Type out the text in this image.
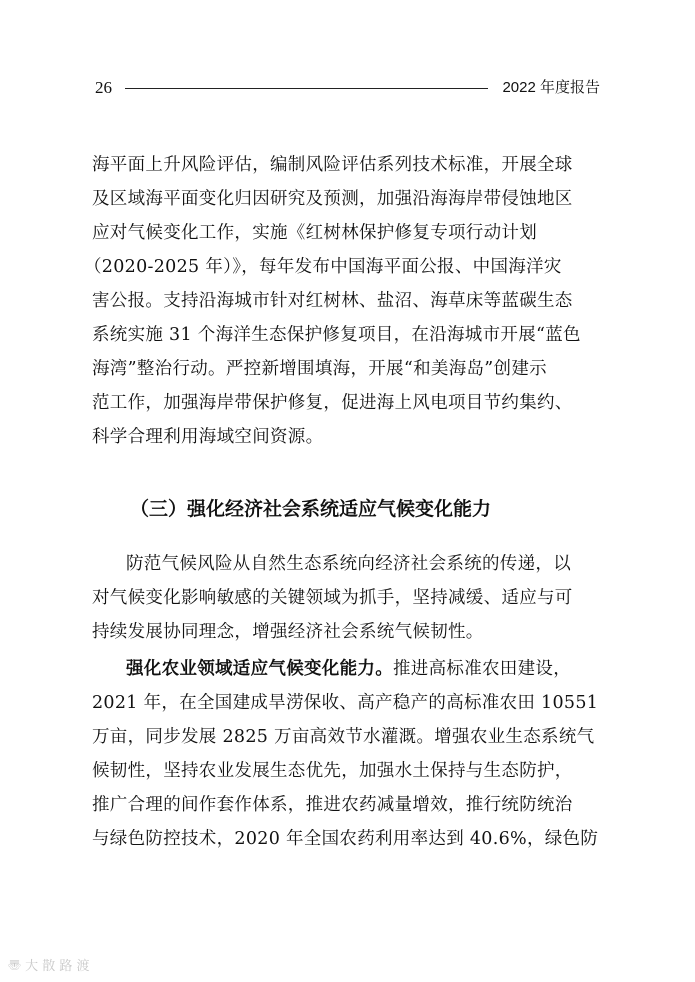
26	2022 年度报告
海平面上升风险评估，编制风险评估系列技术标准，开展全球
及区域海平面变化归因研究及预测，加强沿海海岸带侵蚀地区
应对气候变化工作，实施《红树林保护修复专项行动计划
（2020-2025 年）》，每年发布中国海平面公报、中国海洋灾
害公报。支持沿海城市针对红树林、盐沼、海草床等蓝碳生态
系统实施 31 个海洋生态保护修复项目，在沿海城市开展“蓝色
海湾”整治行动。严控新增围填海，开展“和美海岛”创建示
范工作，加强海岸带保护修复，促进海上风电项目节约集约、
科学合理利用海域空间资源。
（三）强化经济社会系统适应气候变化能力
防范气候风险从自然生态系统向经济社会系统的传递，以
对气候变化影响敏感的关键领域为抓手，坚持减缓、适应与可
持续发展协同理念，增强经济社会系统气候韧性。
强化农业领域适应气候变化能力。推进高标准农田建设，
2021 年，在全国建成旱涝保收、高产稳产的高标准农田 10551
万亩，同步发展 2825 万亩高效节水灌溉。增强农业生态系统气
候韧性，坚持农业发展生态优先，加强水土保持与生态防护，
推广合理的间作套作体系，推进农药减量增效，推行统防统治
与绿色防控技术，2020 年全国农药利用率达到 40.6%，绿色防
〠 大 散 路 渡
